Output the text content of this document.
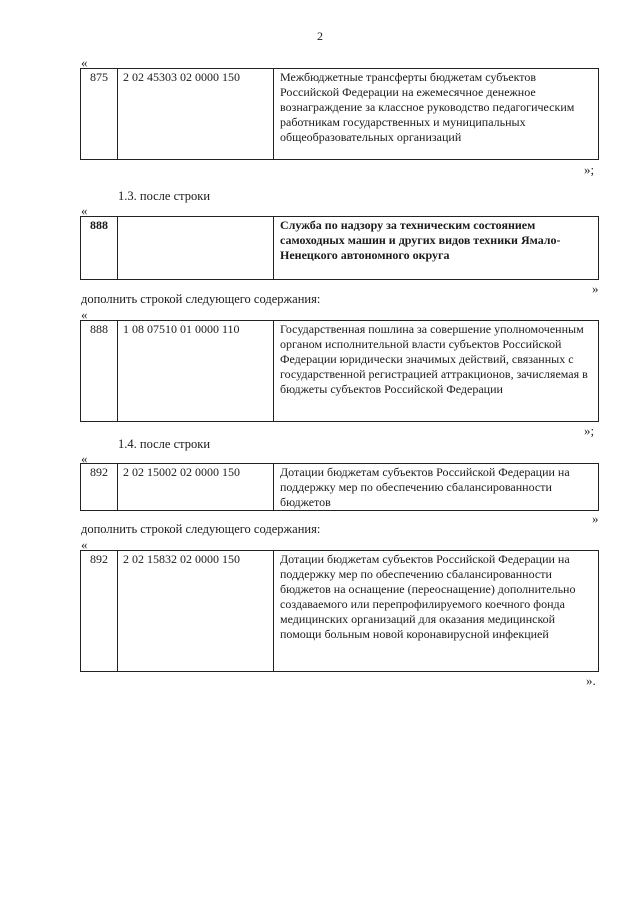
2
«
875	2 02 45303 02 0000 150	Межбюджетные трансферты бюджетам субъектов Российской Федерации на ежемесячное денежное вознаграждение за классное руководство педагогическим работникам государственных и муниципальных общеобразовательных организаций
»;
1.3. после строки
«
888		Служба по надзору за техническим состоянием самоходных машин и других видов техники Ямало-Ненецкого автономного округа
»
дополнить строкой следующего содержания:
«
888	1 08 07510 01 0000 110	Государственная пошлина за совершение уполномоченным органом исполнительной власти субъектов Российской Федерации юридически значимых действий, связанных с государственной регистрацией аттракционов, зачисляемая в бюджеты субъектов Российской Федерации
»;
1.4. после строки
«
892	2 02 15002 02 0000 150	Дотации бюджетам субъектов Российской Федерации на поддержку мер по обеспечению сбалансированности бюджетов
»
дополнить строкой следующего содержания:
«
892	2 02 15832 02 0000 150	Дотации бюджетам субъектов Российской Федерации на поддержку мер по обеспечению сбалансированности бюджетов на оснащение (переоснащение) дополнительно создаваемого или перепрофилируемого коечного фонда медицинских организаций для оказания медицинской помощи больным новой коронавирусной инфекцией
».
